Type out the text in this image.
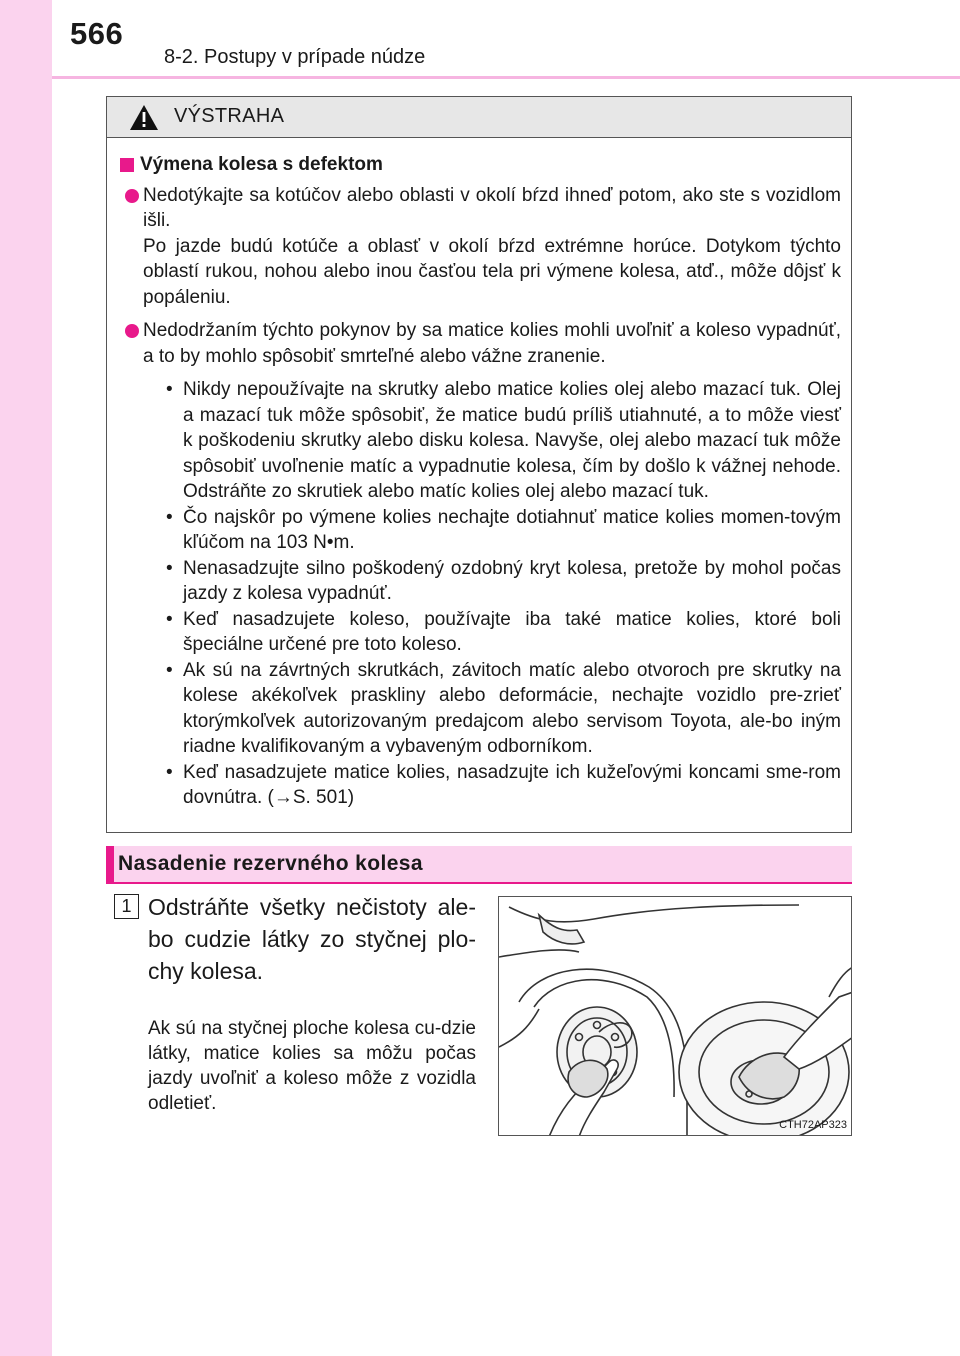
566
8-2. Postupy v prípade núdze
VÝSTRAHA
Výmena kolesa s defektom

Nedotýkajte sa kotúčov alebo oblasti v okolí bŕzd ihneď potom, ako ste s vozidlom išli.

Po jazde budú kotúče a oblasť v okolí bŕzd extrémne horúce. Dotykom týchto oblastí rukou, nohou alebo inou časťou tela pri výmene kolesa, atď., môže dôjsť k popáleniu.

Nedodržaním týchto pokynov by sa matice kolies mohli uvoľniť a koleso vypadnúť, a to by mohlo spôsobiť smrteľné alebo vážne zranenie.

• Nikdy nepoužívajte na skrutky alebo matice kolies olej alebo mazací tuk. Olej a mazací tuk môže spôsobiť, že matice budú príliš utiahnuté, a to môže viesť k poškodeniu skrutky alebo disku kolesa. Navyše, olej alebo mazací tuk môže spôsobiť uvoľnenie matíc a vypadnutie kolesa, čím by došlo k vážnej nehode. Odstráňte zo skrutiek alebo matíc kolies olej alebo mazací tuk.
• Čo najskôr po výmene kolies nechajte dotiahnuť matice kolies momen-tovým kľúčom na 103 N•m.
• Nenasadzujte silno poškodený ozdobný kryt kolesa, pretože by mohol počas jazdy z kolesa vypadnúť.
• Keď nasadzujete koleso, používajte iba také matice kolies, ktoré boli špeciálne určené pre toto koleso.
• Ak sú na závrtných skrutkách, závitoch matíc alebo otvoroch pre skrutky na kolese akékoľvek praskliny alebo deformácie, nechajte vozidlo pre-zrieť ktorýmkoľvek autorizovaným predajcom alebo servisom Toyota, ale-bo iným riadne kvalifikovaným a vybaveným odborníkom.
• Keď nasadzujete matice kolies, nasadzujte ich kužeľovými koncami sme-rom dovnútra. (→S. 501)
Nasadenie rezervného kolesa
1 Odstráňte všetky nečistoty ale-bo cudzie látky zo styčnej plo-chy kolesa.
Ak sú na styčnej ploche kolesa cu-dzie látky, matice kolies sa môžu počas jazdy uvoľniť a koleso môže z vozidla odletieť.
CTH72AP323
